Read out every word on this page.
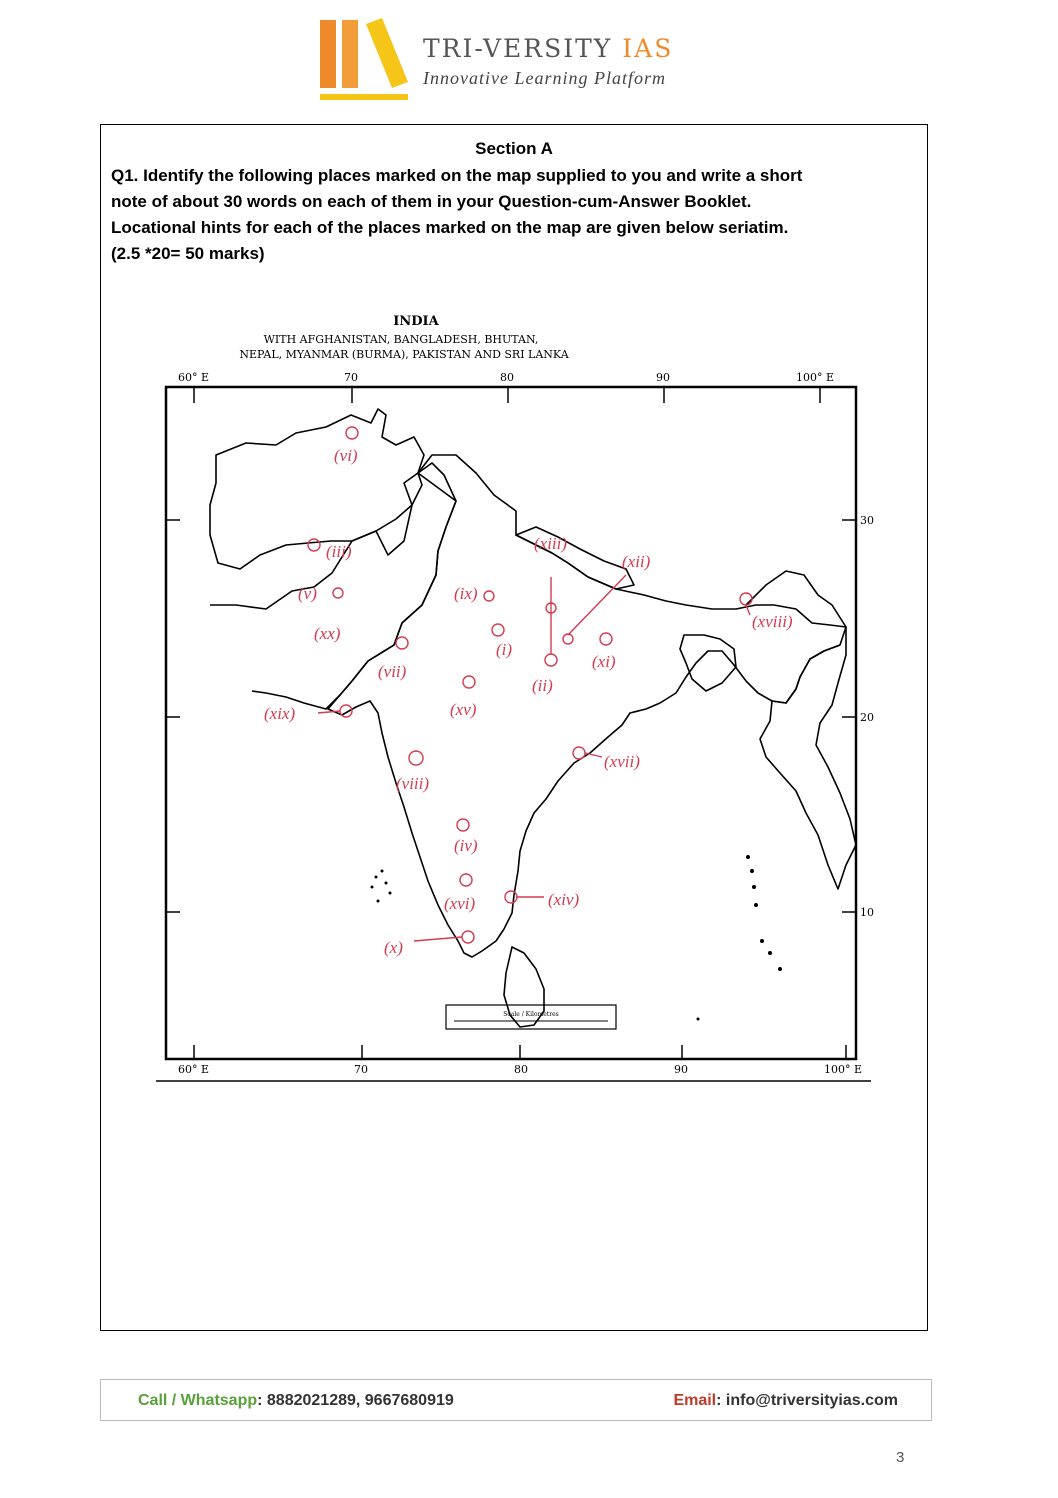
TRI-VERSITY IAS
Innovative Learning Platform
Section A
Q1. Identify the following places marked on the map supplied to you and write a short
note of about 30 words on each of them in your Question-cum-Answer Booklet.
Locational hints for each of the places marked on the map are given below seriatim.
(2.5 *20= 50 marks)
INDIA
WITH AFGHANISTAN, BANGLADESH, BHUTAN,
NEPAL, MYANMAR (BURMA), PAKISTAN AND SRI LANKA
60° E	70	80	90	100° E
60° E	70	80	90	100° E
30
20
10
Scale / Kilometres
(i)
(ii)
(iii)
(iv)
(v)
(vi)
(vii)
(viii)
(ix)
(x)
(xi)
(xii)
(xiii)
(xiv)
(xv)
(xvi)
(xvii)
(xviii)
(xix)
(xx)
Call / Whatsapp: 8882021289, 9667680919	Email: info@triversityias.com
3
